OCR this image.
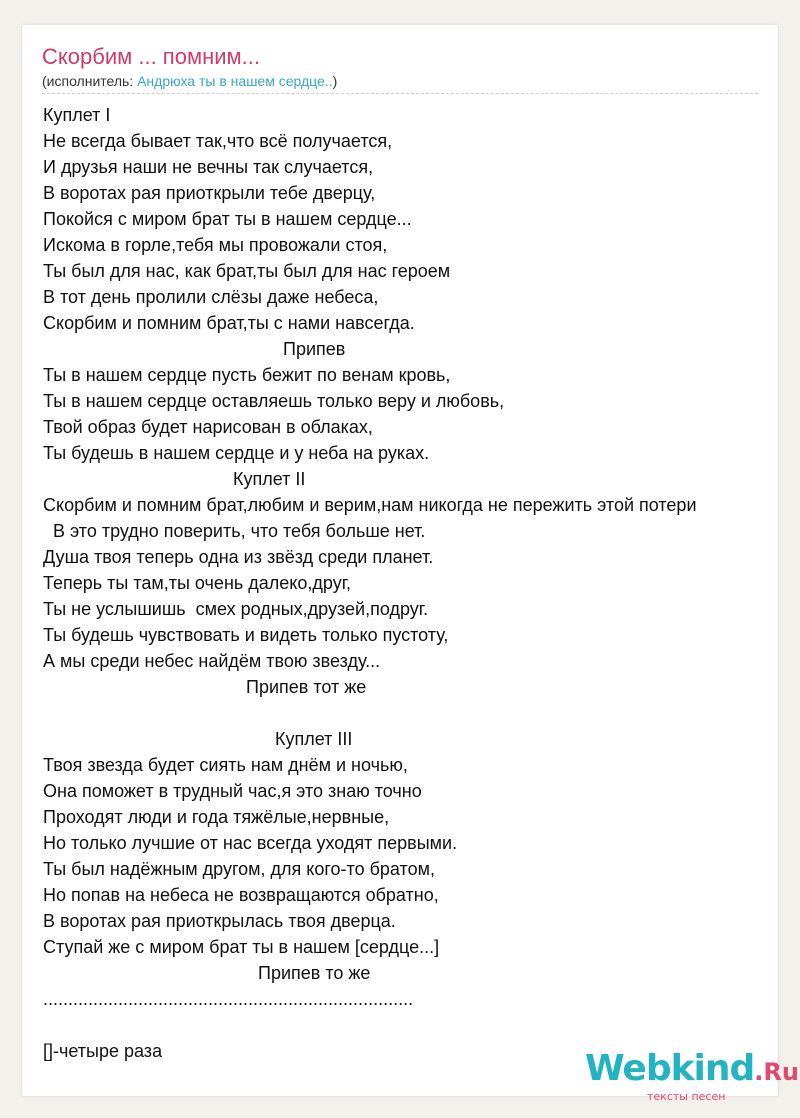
Скорбим ... помним...
(исполнитель: Андрюха ты в нашем сердце..)
Куплет I
Не всегда бывает так,что всё получается,
И друзья наши не вечны так случается,
В воротах рая приоткрыли тебе дверцу,
Покойся с миром брат ты в нашем сердце...
Искома в горле,тебя мы провожали стоя,
Ты был для нас, как брат,ты был для нас героем
В тот день пролили слёзы даже небеса,
Скорбим и помним брат,ты с нами навсегда.
Припев
Ты в нашем сердце пусть бежит по венам кровь,
Ты в нашем сердце оставляешь только веру и любовь,
Твой образ будет нарисован в облаках,
Ты будешь в нашем сердце и у неба на руках.
Куплет II
Скорбим и помним брат,любим и верим,нам никогда не пережить этой потери
В это трудно поверить, что тебя больше нет.
Душа твоя теперь одна из звёзд среди планет.
Теперь ты там,ты очень далеко,друг,
Ты не услышишь  смех родных,друзей,подруг.
Ты будешь чувствовать и видеть только пустоту,
А мы среди небес найдём твою звезду...
Припев тот же
Куплет III
Твоя звезда будет сиять нам днём и ночью,
Она поможет в трудный час,я это знаю точно
Проходят люди и года тяжёлые,нервные,
Но только лучшие от нас всегда уходят первыми.
Ты был надёжным другом, для кого-то братом,
Но попав на небеса не возвращаются обратно,
В воротах рая приоткрылась твоя дверца.
Ступай же с миром брат ты в нашем [сердце...]
Припев то же
..........................................................................
[]-четыре раза	Webkind.Ru
тексты песен
